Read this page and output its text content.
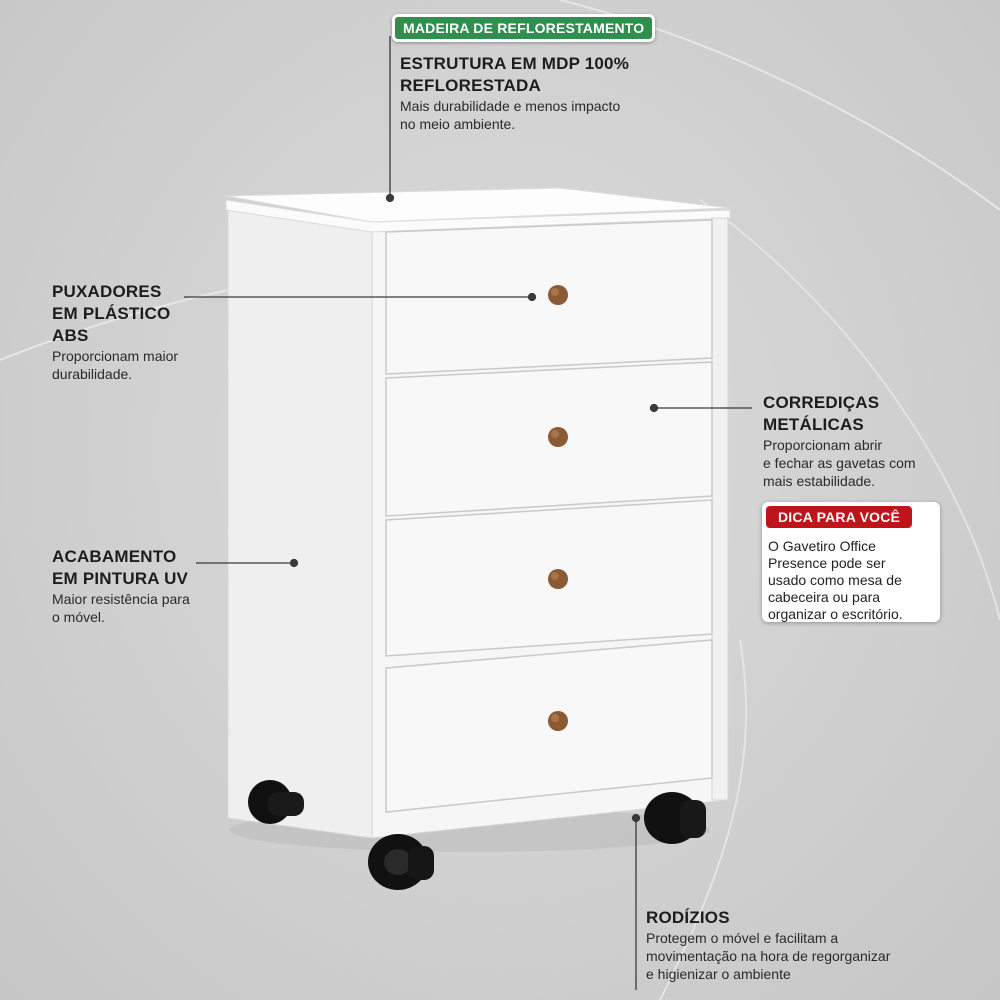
MADEIRA DE REFLORESTAMENTO
ESTRUTURA EM MDP 100%
REFLORESTADA
Mais durabilidade e menos impacto
no meio ambiente.
PUXADORES
EM PLÁSTICO
ABS
Proporcionam maior
durabilidade.
CORREDIÇAS
METÁLICAS
Proporcionam abrir
e fechar as gavetas com
mais estabilidade.
DICA PARA VOCÊ
O Gavetiro Office
Presence pode ser
usado como mesa de
cabeceira ou para
organizar o escritório.
ACABAMENTO
EM PINTURA UV
Maior resistência para
o móvel.
RODÍZIOS
Protegem o móvel e facilitam a
movimentação na hora de regorganizar
e higienizar o ambiente
